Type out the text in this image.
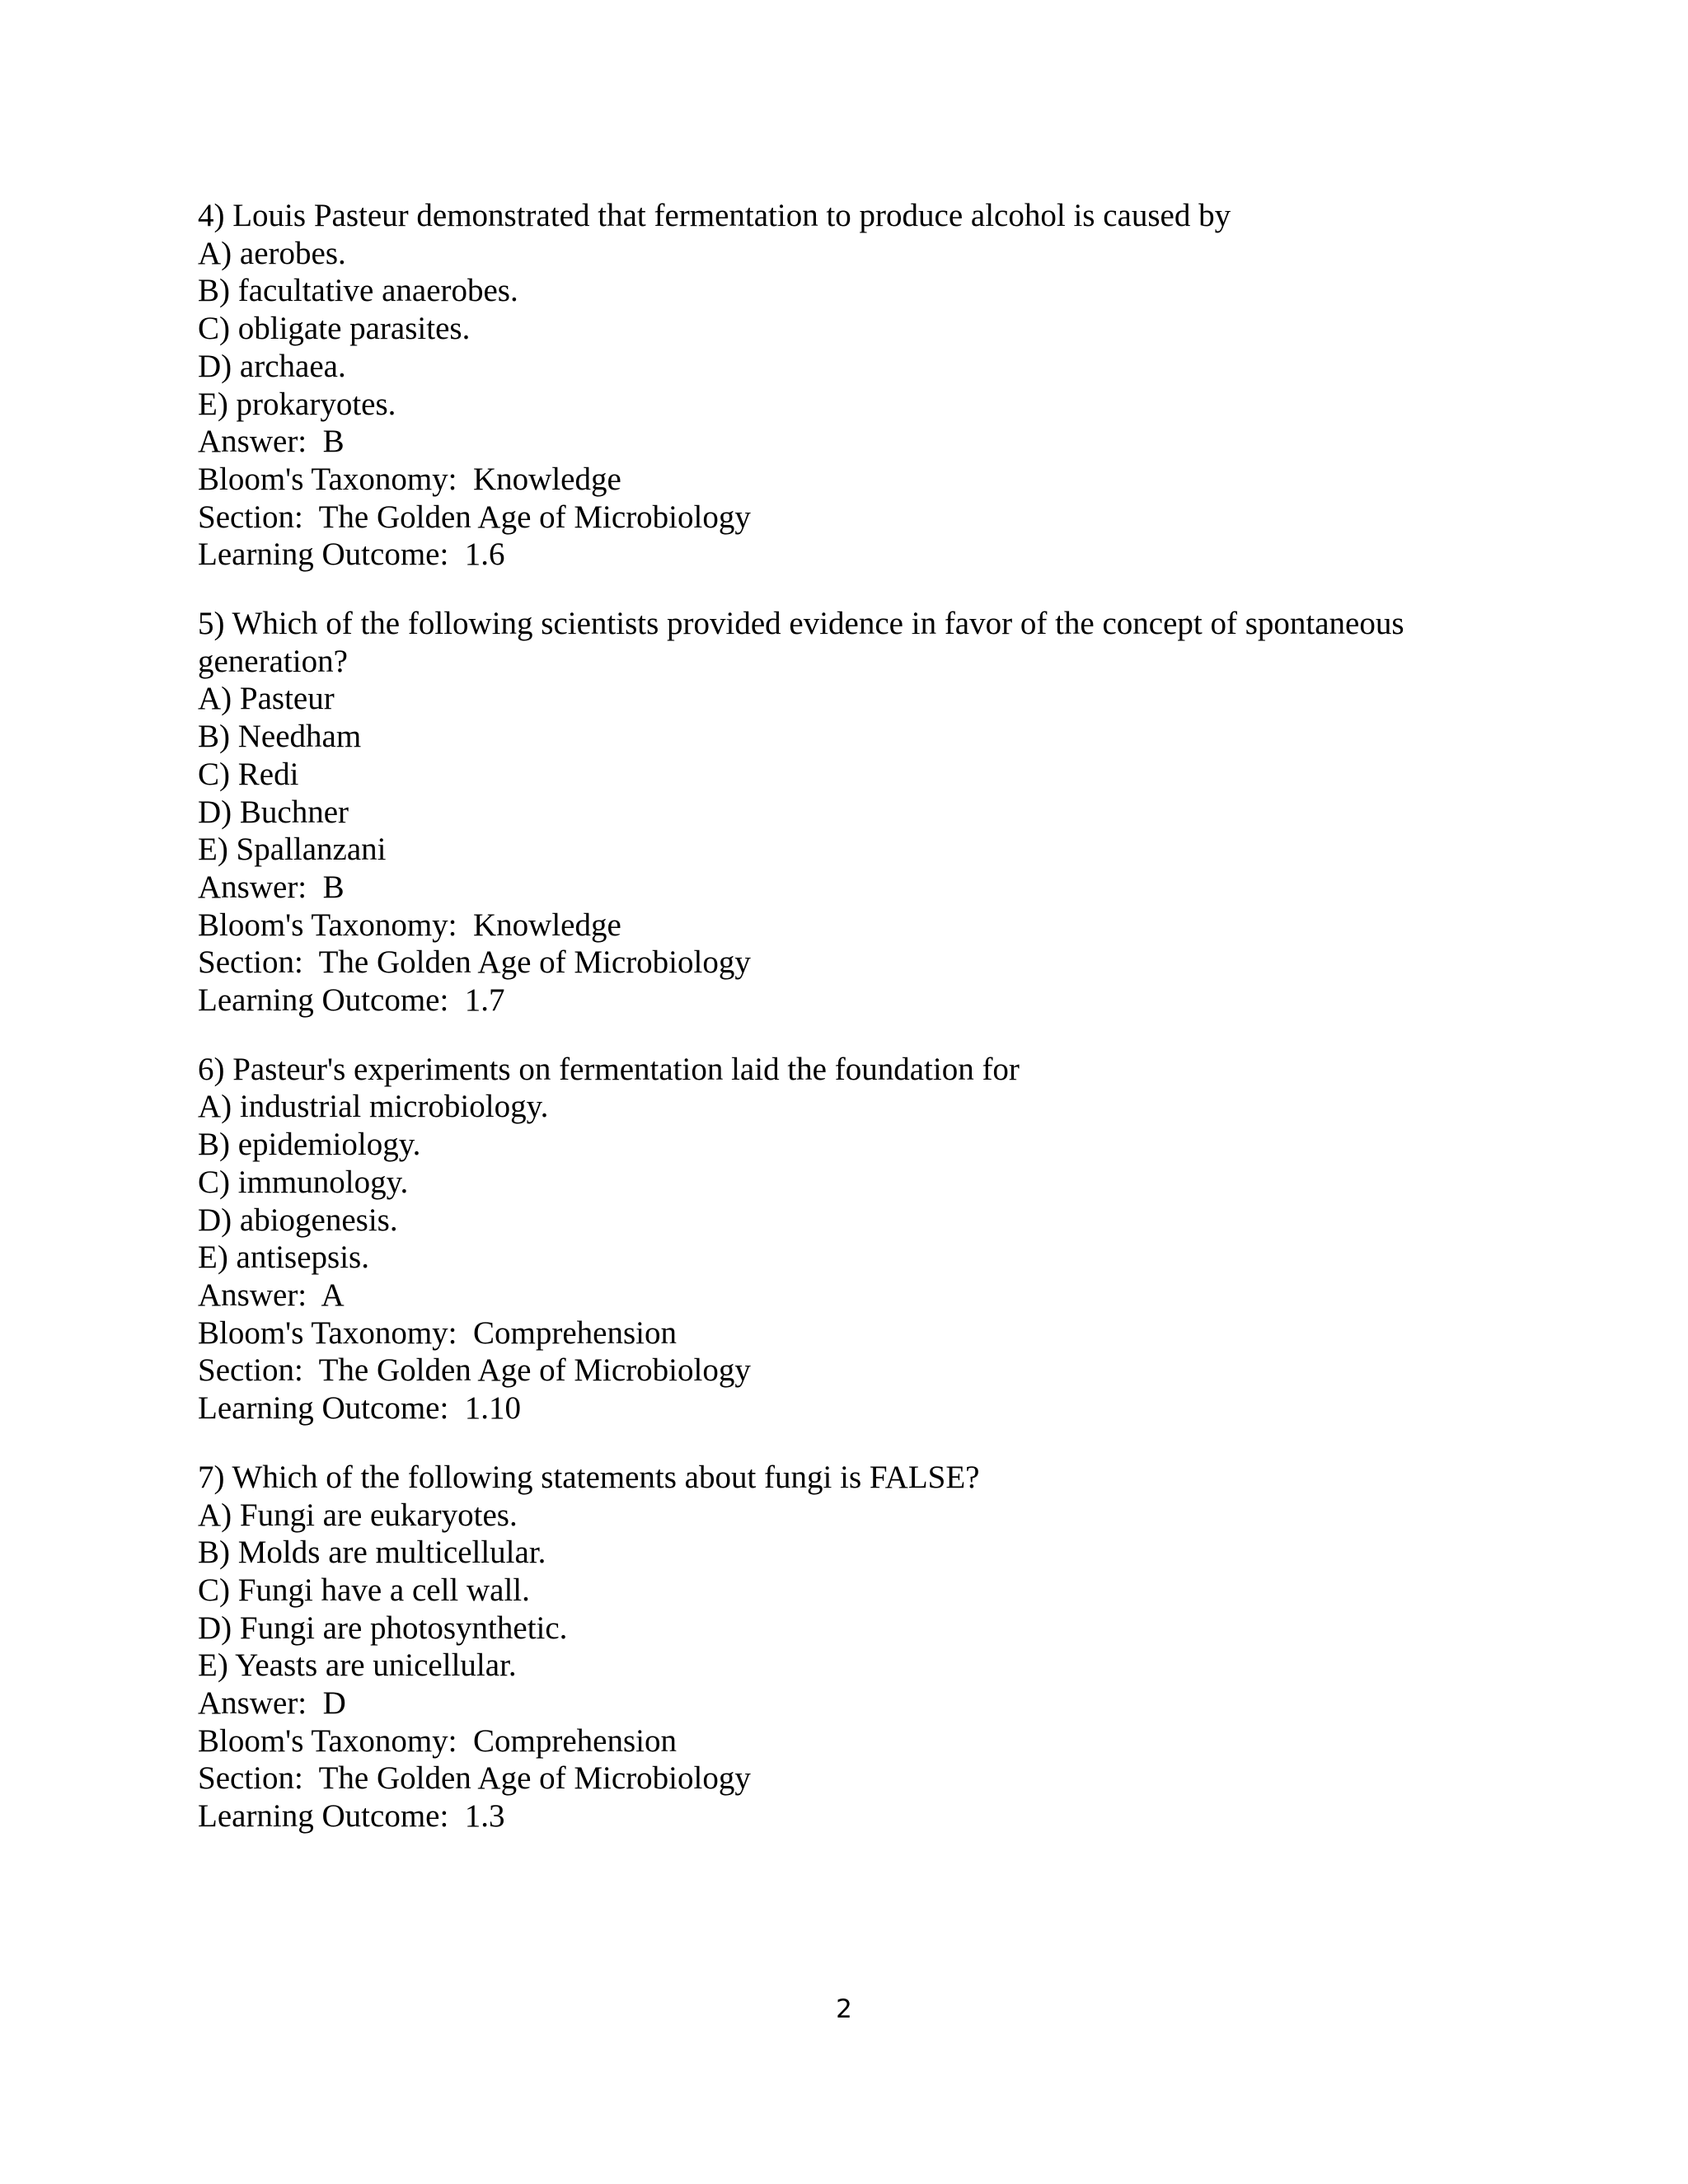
4) Louis Pasteur demonstrated that fermentation to produce alcohol is caused by
A) aerobes.
B) facultative anaerobes.
C) obligate parasites.
D) archaea.
E) prokaryotes.
Answer:  B
Bloom's Taxonomy:  Knowledge
Section:  The Golden Age of Microbiology
Learning Outcome:  1.6
5) Which of the following scientists provided evidence in favor of the concept of spontaneous generation?
A) Pasteur
B) Needham
C) Redi
D) Buchner
E) Spallanzani
Answer:  B
Bloom's Taxonomy:  Knowledge
Section:  The Golden Age of Microbiology
Learning Outcome:  1.7
6) Pasteur's experiments on fermentation laid the foundation for
A) industrial microbiology.
B) epidemiology.
C) immunology.
D) abiogenesis.
E) antisepsis.
Answer:  A
Bloom's Taxonomy:  Comprehension
Section:  The Golden Age of Microbiology
Learning Outcome:  1.10
7) Which of the following statements about fungi is FALSE?
A) Fungi are eukaryotes.
B) Molds are multicellular.
C) Fungi have a cell wall.
D) Fungi are photosynthetic.
E) Yeasts are unicellular.
Answer:  D
Bloom's Taxonomy:  Comprehension
Section:  The Golden Age of Microbiology
Learning Outcome:  1.3
2
